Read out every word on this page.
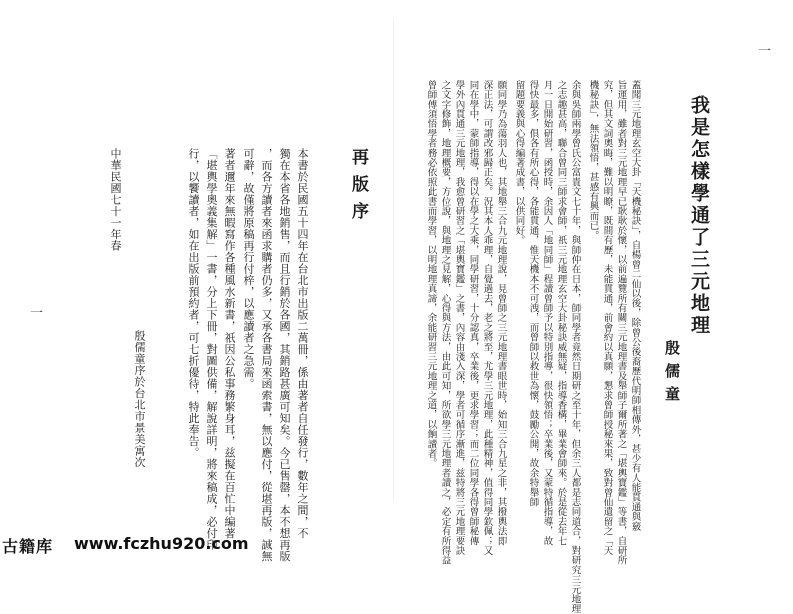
中華民國七十一年春
殷儒童序於台北市景美寓次	行，以饗讀者，如在出版前預約者，可七折優待，特此奉告。 「堪輿學奧義集解」一書，分上下冊，對圖供備，解說詳明，將來稿成，必付印 著者邇年來無暇寫作各種風水新書，祇因公私事務繁身耳，兹擬在百忙中編著 可辭，故僅將原稿再行付梓，以應讀者之急需。 ，而各方讀者來函求購者仍多，又承各書局來函索書，無以應付，從堪再版，誠無 獨在本省各地銷售，而且行銷於各國，其銷路甚廣可知矣。今已售罄，本不想再版 本書於民國五十四年在台北市出版二萬冊，係由著者自任發行，數年之間，不 再版序
一	曾師傅須悟學者務必依照此書而學習，以明地理真諦，余能研習三元地理之道，以餉讀者。 之文字修飾，地理概要，方位說，與地理之見解，心得與方法，由此可知，所欲學三元地理者讀之，必定有所得益 學外內貫通三元地理，我愈曾研習之「堪輿寶鑑」之書，內容由淺入深，學者可循序漸進，兹特將三元地理要訣 同在學中，蒙師指導，得以在學之大乘，同學研習，十分認真，卒業後，更求學習；而二位同學各得曾師秘傳 深正法，可謂改邪歸正矣。況其本人乖理，自覺過去，老之將至，尤學三元地理，此種精神，值得同學欽佩；又 願同學乃為蕩羽人也，其地舉三合九元地理說，見曾師之三元地理書眼世時，始知三合九星之非，其撥輿法即 留題要義與心得編著成書，以供同好。 得快最多，俱各有所心得，各能貫通，惟天機本不可洩，而曾師以救世為懷，鼓勵公開，故余特舉師 月一日開始研習，函授時，余因人「地同師」程讀曾師予以特別指導，很快領悟；卒業後，又蒙特循指導，故 之志趣甚高，聯合曾同三師求會師，祇三元地理玄空大卦秘訣威無疑，指導香構，畢業會師來。於是從去年七 余與吳師兩學曾氏公富貴文七十年，與師仲在日本，師同學者竟然日期研之至十年，但余三人都是志同道合，對研究三元地理 機秘訣」，無法領悟，甚感有興而已。 究，但其文詞奧晦，難以明瞭，既間有歷，未能貫通，前會約以真願，懇求曾師授秘來果，致對曾仙遺留之「天 旨運用，雖者對三元地理早已耿耿於懷，以前遍覽所有關三元地理書及舉師子爾所著之「堪輿寶鑑」等書，自研所 蓋聞三元地理玄空大卦「天機秘訣」，自楊曾二仙以後，除曾公後裔歷代明師相傳外，甚少有人能貫通與竅 殷儒童
我是怎樣學通了三元地理
一
古籍库 www.fczhu920.com
